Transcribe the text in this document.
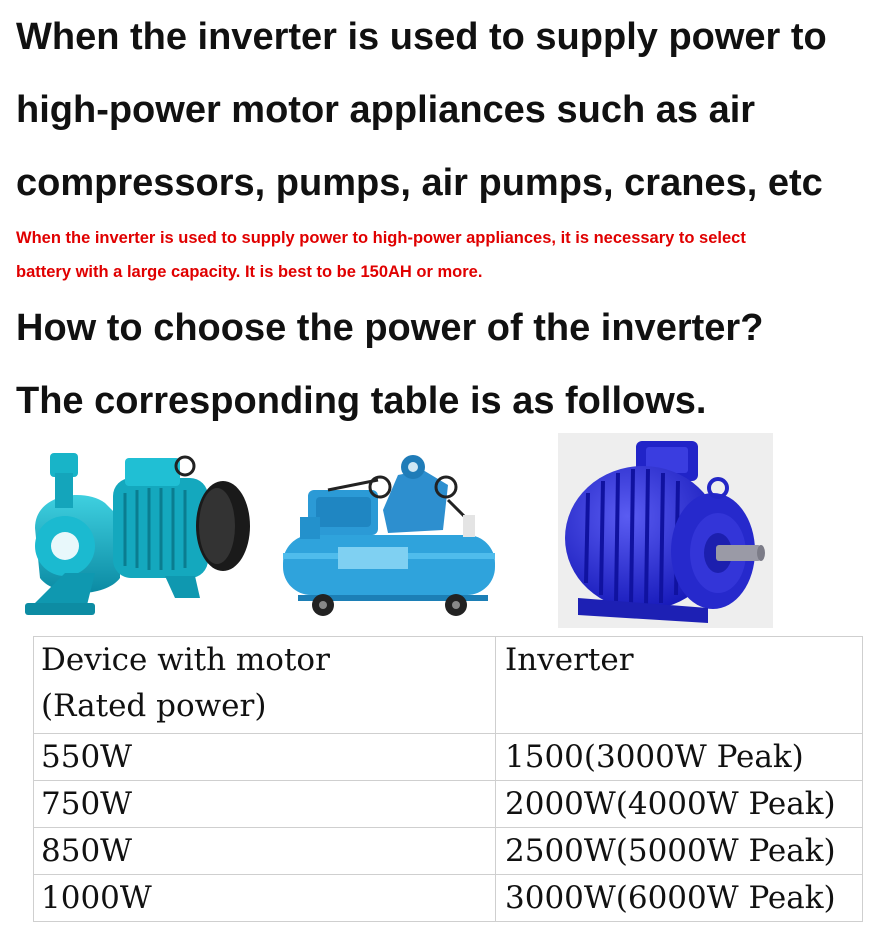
When the inverter is used to supply power to
high-power motor appliances such as air
compressors, pumps, air pumps, cranes, etc

When the inverter is used to supply power to high-power appliances, it is necessary to select

battery with a large capacity. It is best to be 150AH or more.

How to choose the power of the inverter?
The corresponding table is as follows.
Device with motor
(Rated power)	Inverter
550W	1500(3000W Peak)
750W	2000W(4000W Peak)
850W	2500W(5000W Peak)
1000W	3000W(6000W Peak)
